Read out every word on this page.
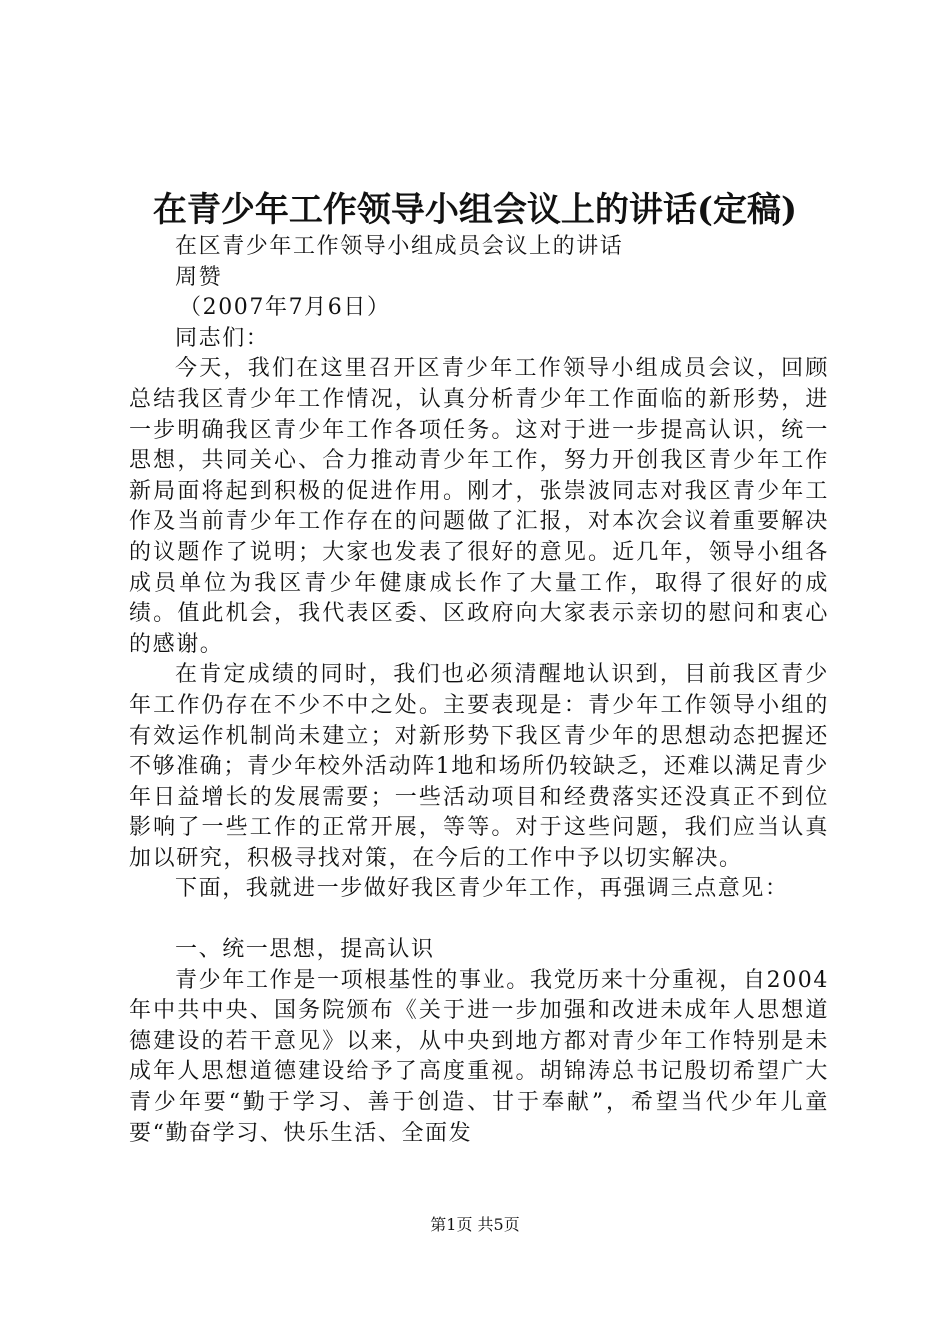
在青少年工作领导小组会议上的讲话(定稿)

在区青少年工作领导小组成员会议上的讲话

周赞

（2007年7月6日）

同志们：

今天，我们在这里召开区青少年工作领导小组成员会议，回顾总结我区青少年工作情况，认真分析青少年工作面临的新形势，进一步明确我区青少年工作各项任务。这对于进一步提高认识，统一思想，共同关心、合力推动青少年工作，努力开创我区青少年工作新局面将起到积极的促进作用。刚才，张崇波同志对我区青少年工作及当前青少年工作存在的问题做了汇报，对本次会议着重要解决的议题作了说明；大家也发表了很好的意见。近几年，领导小组各成员单位为我区青少年健康成长作了大量工作，取得了很好的成绩。值此机会，我代表区委、区政府向大家表示亲切的慰问和衷心的感谢。

在肯定成绩的同时，我们也必须清醒地认识到，目前我区青少年工作仍存在不少不中之处。主要表现是：青少年工作领导小组的有效运作机制尚未建立；对新形势下我区青少年的思想动态把握还不够准确；青少年校外活动阵1地和场所仍较缺乏，还难以满足青少年日益增长的发展需要；一些活动项目和经费落实还没真正不到位影响了一些工作的正常开展，等等。对于这些问题，我们应当认真加以研究，积极寻找对策，在今后的工作中予以切实解决。

下面，我就进一步做好我区青少年工作，再强调三点意见：

一、统一思想，提高认识

青少年工作是一项根基性的事业。我党历来十分重视，自2004年中共中央、国务院颁布《关于进一步加强和改进未成年人思想道德建设的若干意见》以来，从中央到地方都对青少年工作特别是未成年人思想道德建设给予了高度重视。胡锦涛总书记殷切希望广大青少年要“勤于学习、善于创造、甘于奉献”，希望当代少年儿童要“勤奋学习、快乐生活、全面发

第1页 共5页
